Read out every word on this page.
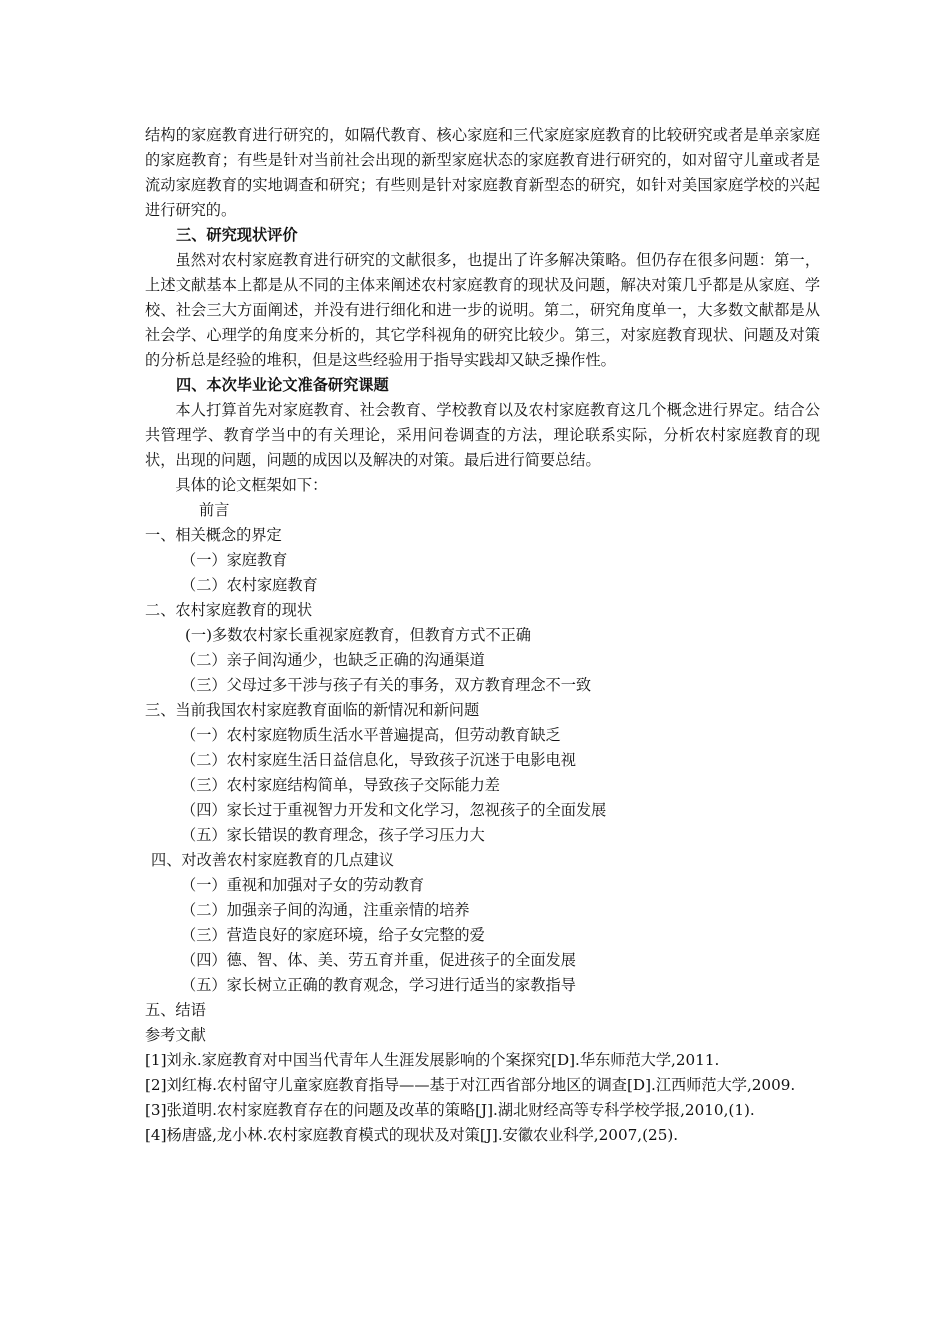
结构的家庭教育进行研究的，如隔代教育、核心家庭和三代家庭家庭教育的比较研究或者是单亲家庭的家庭教育；有些是针对当前社会出现的新型家庭状态的家庭教育进行研究的，如对留守儿童或者是流动家庭教育的实地调查和研究；有些则是针对家庭教育新型态的研究，如针对美国家庭学校的兴起进行研究的。

三、研究现状评价

虽然对农村家庭教育进行研究的文献很多，也提出了许多解决策略。但仍存在很多问题：第一，上述文献基本上都是从不同的主体来阐述农村家庭教育的现状及问题，解决对策几乎都是从家庭、学校、社会三大方面阐述，并没有进行细化和进一步的说明。第二，研究角度单一，大多数文献都是从社会学、心理学的角度来分析的，其它学科视角的研究比较少。第三，对家庭教育现状、问题及对策的分析总是经验的堆积，但是这些经验用于指导实践却又缺乏操作性。

四、本次毕业论文准备研究课题

本人打算首先对家庭教育、社会教育、学校教育以及农村家庭教育这几个概念进行界定。结合公共管理学、教育学当中的有关理论，采用问卷调查的方法，理论联系实际，分析农村家庭教育的现状，出现的问题，问题的成因以及解决的对策。最后进行简要总结。

具体的论文框架如下：

前言

一、相关概念的界定

（一）家庭教育

（二）农村家庭教育

二、农村家庭教育的现状

(一)多数农村家长重视家庭教育，但教育方式不正确

（二）亲子间沟通少，也缺乏正确的沟通渠道

（三）父母过多干涉与孩子有关的事务，双方教育理念不一致

三、当前我国农村家庭教育面临的新情况和新问题

（一）农村家庭物质生活水平普遍提高，但劳动教育缺乏

（二）农村家庭生活日益信息化，导致孩子沉迷于电影电视

（三）农村家庭结构简单，导致孩子交际能力差

（四）家长过于重视智力开发和文化学习，忽视孩子的全面发展

（五）家长错误的教育理念，孩子学习压力大

四、对改善农村家庭教育的几点建议

（一）重视和加强对子女的劳动教育

（二）加强亲子间的沟通，注重亲情的培养

（三）营造良好的家庭环境，给子女完整的爱

（四）德、智、体、美、劳五育并重，促进孩子的全面发展

（五）家长树立正确的教育观念，学习进行适当的家教指导

五、结语

参考文献

[1]刘永.家庭教育对中国当代青年人生涯发展影响的个案探究[D].华东师范大学,2011.

[2]刘红梅.农村留守儿童家庭教育指导——基于对江西省部分地区的调查[D].江西师范大学,2009.

[3]张道明.农村家庭教育存在的问题及改革的策略[J].湖北财经高等专科学校学报,2010,(1).

[4]杨唐盛,龙小林.农村家庭教育模式的现状及对策[J].安徽农业科学,2007,(25).
